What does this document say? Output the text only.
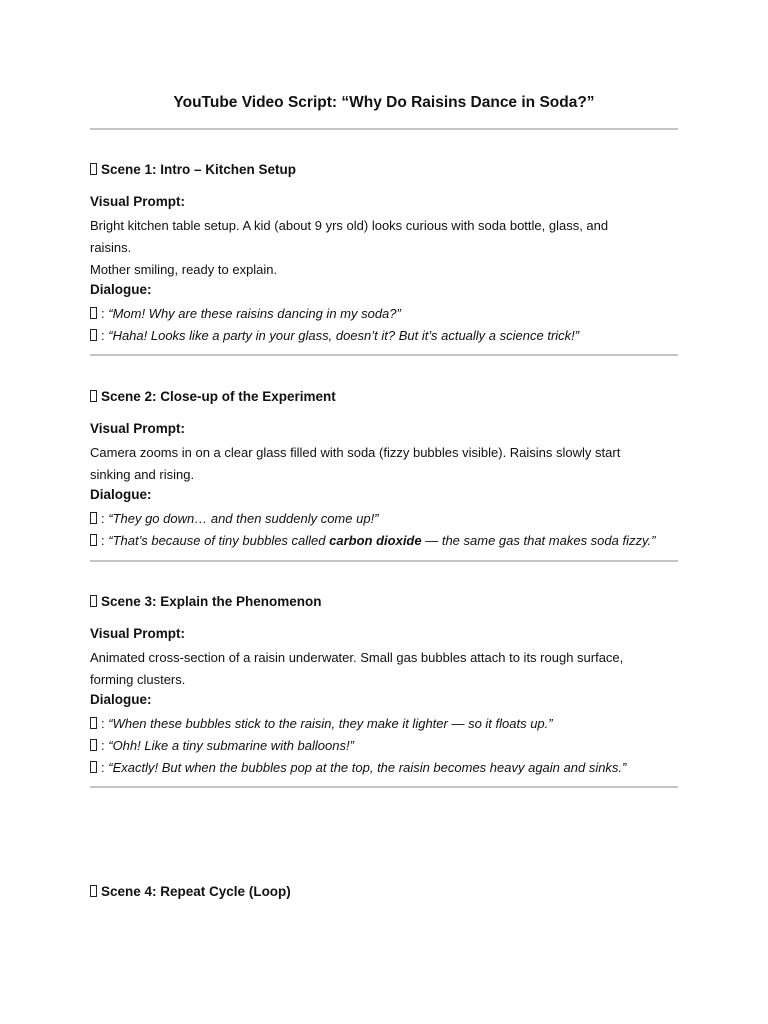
YouTube Video Script: “Why Do Raisins Dance in Soda?”
Scene 1: Intro – Kitchen Setup
Visual Prompt:

Bright kitchen table setup. A kid (about 9 yrs old) looks curious with soda bottle, glass, and
raisins.
Mother smiling, ready to explain.

Dialogue:

: “Mom! Why are these raisins dancing in my soda?”

: “Haha! Looks like a party in your glass, doesn’t it? But it’s actually a science trick!”

Scene 2: Close-up of the Experiment
Visual Prompt:

Camera zooms in on a clear glass filled with soda (fizzy bubbles visible). Raisins slowly start
sinking and rising.

Dialogue:

: “They go down… and then suddenly come up!”

: “That’s because of tiny bubbles called carbon dioxide — the same gas that makes soda fizzy.”

Scene 3: Explain the Phenomenon
Visual Prompt:

Animated cross-section of a raisin underwater. Small gas bubbles attach to its rough surface,
forming clusters.

Dialogue:

: “When these bubbles stick to the raisin, they make it lighter — so it floats up.”

: “Ohh! Like a tiny submarine with balloons!”

: “Exactly! But when the bubbles pop at the top, the raisin becomes heavy again and sinks.”

Scene 4: Repeat Cycle (Loop)
